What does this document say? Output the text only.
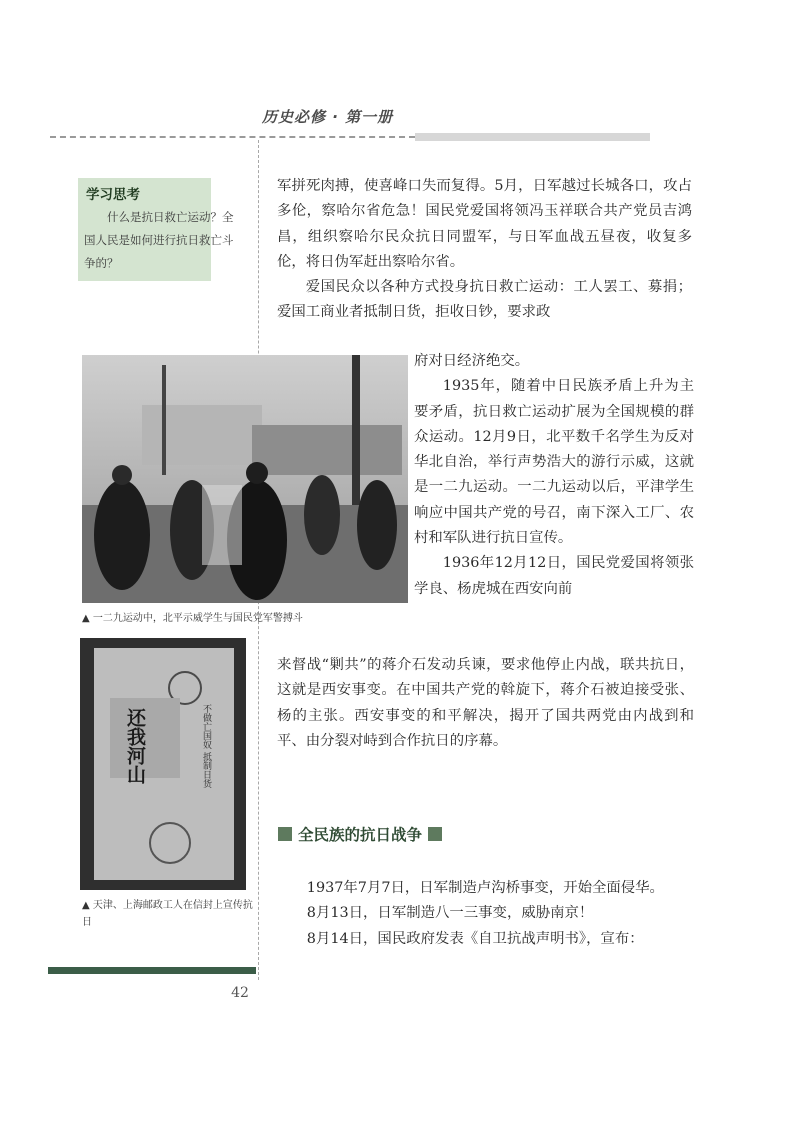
历史必修 · 第一册
学习思考
什么是抗日救亡运动？全国人民是如何进行抗日救亡斗争的？

军拼死肉搏，使喜峰口失而复得。5月，日军越过长城各口，攻占多伦，察哈尔省危急！国民党爱国将领冯玉祥联合共产党员吉鸿昌，组织察哈尔民众抗日同盟军，与日军血战五昼夜，收复多伦，将日伪军赶出察哈尔省。

爱国民众以各种方式投身抗日救亡运动：工人罢工、募捐；爱国工商业者抵制日货，拒收日钞，要求政

府对日经济绝交。

1935年，随着中日民族矛盾上升为主要矛盾，抗日救亡运动扩展为全国规模的群众运动。12月9日，北平数千名学生为反对华北自治，举行声势浩大的游行示威，这就是一二九运动。一二九运动以后，平津学生响应中国共产党的号召，南下深入工厂、农村和军队进行抗日宣传。

1936年12月12日，国民党爱国将领张学良、杨虎城在西安向前

来督战“剿共”的蒋介石发动兵谏，要求他停止内战，联共抗日，这就是西安事变。在中国共产党的斡旋下，蒋介石被迫接受张、杨的主张。西安事变的和平解决，揭开了国共两党由内战到和平、由分裂对峙到合作抗日的序幕。

▲ 一二九运动中，北平示威学生与国民党军警搏斗
还我河山	不做亡国奴 抵制日货
▲ 天津、上海邮政工人在信封上宣传抗日
全民族的抗日战争

1937年7月7日，日军制造卢沟桥事变，开始全面侵华。

8月13日，日军制造八一三事变，威胁南京！

8月14日，国民政府发表《自卫抗战声明书》，宣布：

42
